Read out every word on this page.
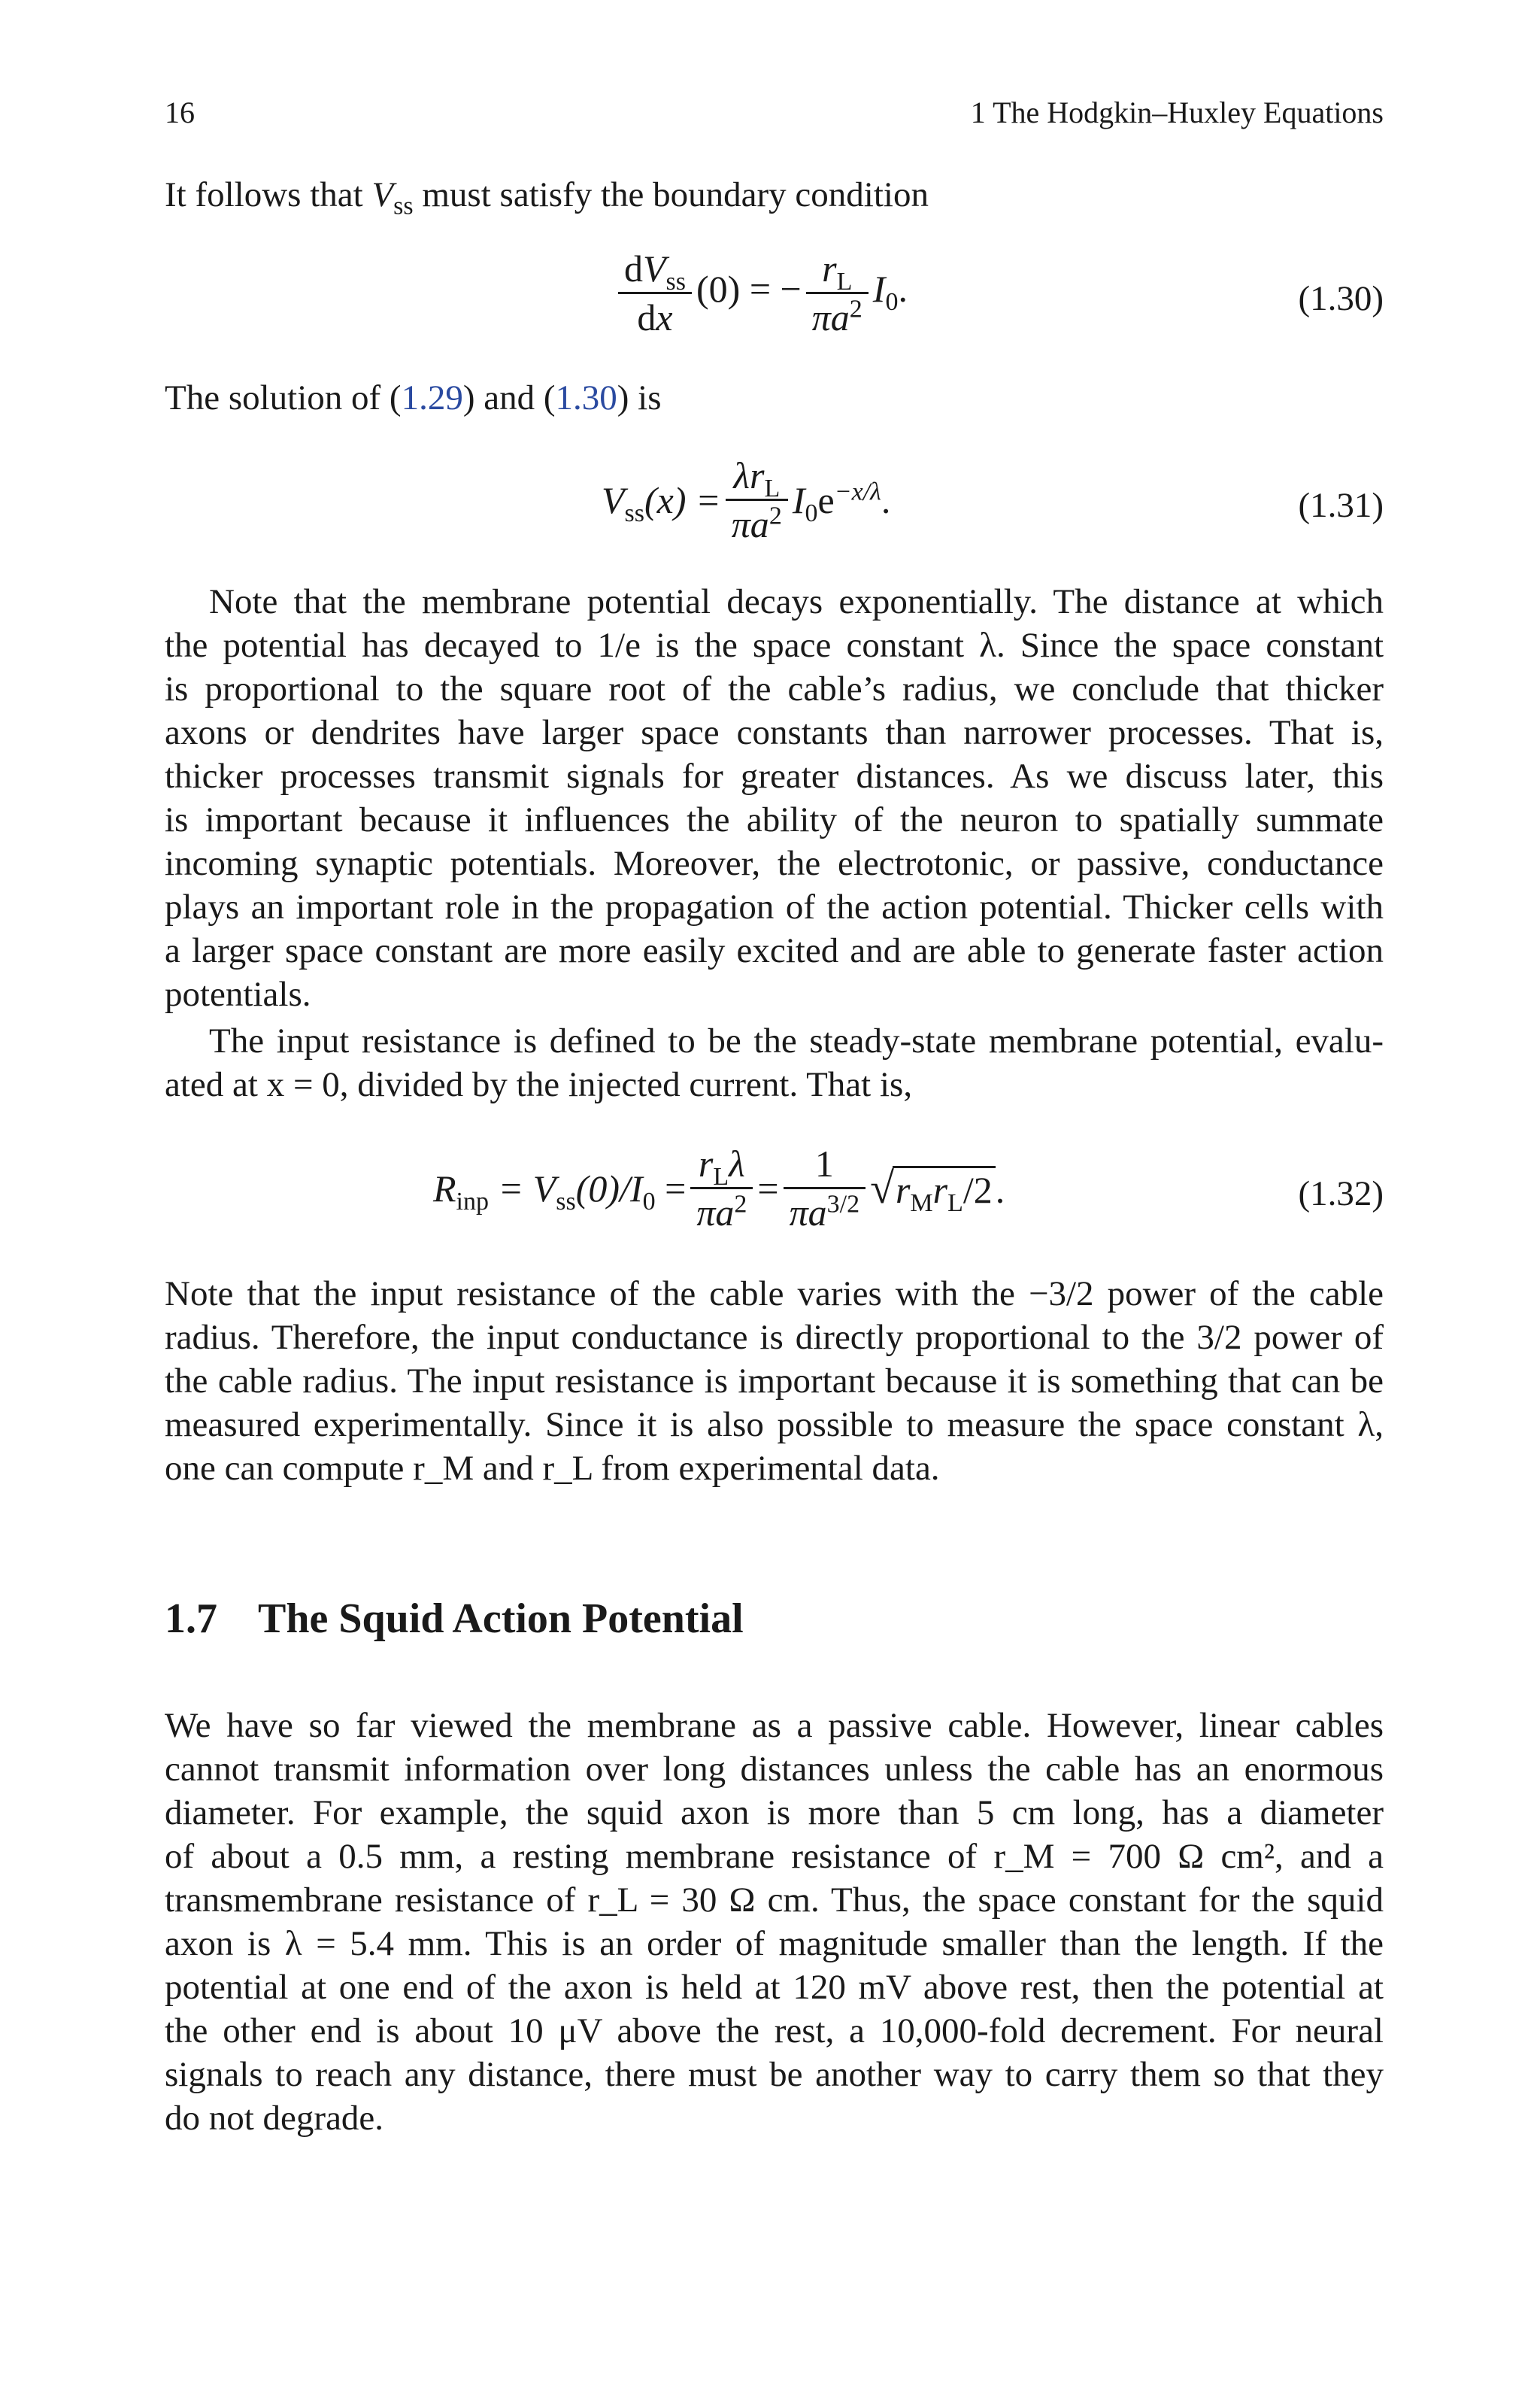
16	1 The Hodgkin–Huxley Equations
It follows that $V_{ss}$ must satisfy the boundary condition
$\frac{dV_{ss}}{dx} (0)$ = − $\frac{r_L}{\pi a^2} I_0$.	(1.30)
The solution of (1.29) and (1.30) is
$V_{ss}(x) = \frac{\lambda r_L}{\pi a^2} I_0e^{-x/\lambda}$.	(1.31)
Note that the membrane potential decays exponentially. The distance at which
the potential has decayed to 1/e is the space constant λ. Since the space constant
is proportional to the square root of the cable’s radius, we conclude that thicker
axons or dendrites have larger space constants than narrower processes. That is,
thicker processes transmit signals for greater distances. As we discuss later, this
is important because it influences the ability of the neuron to spatially summate
incoming synaptic potentials. Moreover, the electrotonic, or passive, conductance
plays an important role in the propagation of the action potential. Thicker cells with
a larger space constant are more easily excited and are able to generate faster action
potentials.
The input resistance is defined to be the steady-state membrane potential, evalu-
ated at x = 0, divided by the injected current. That is,
$R_{inp} = V_{ss}(0)/I_0 = \frac{r_L\lambda}{\pi a^2} = \frac{1}{\pi a^{3/2}} √r_Mr_L/2$.	(1.32)
Note that the input resistance of the cable varies with the −3/2 power of the cable
radius. Therefore, the input conductance is directly proportional to the 3/2 power of
the cable radius. The input resistance is important because it is something that can be
measured experimentally. Since it is also possible to measure the space constant λ,
one can compute r_M and r_L from experimental data.
1.7 The Squid Action Potential
We have so far viewed the membrane as a passive cable. However, linear cables
cannot transmit information over long distances unless the cable has an enormous
diameter. For example, the squid axon is more than 5 cm long, has a diameter
of about a 0.5 mm, a resting membrane resistance of r_M = 700 Ω cm², and a
transmembrane resistance of r_L = 30 Ω cm. Thus, the space constant for the squid
axon is λ = 5.4 mm. This is an order of magnitude smaller than the length. If the
potential at one end of the axon is held at 120 mV above rest, then the potential at
the other end is about 10 μV above the rest, a 10,000-fold decrement. For neural
signals to reach any distance, there must be another way to carry them so that they
do not degrade.
